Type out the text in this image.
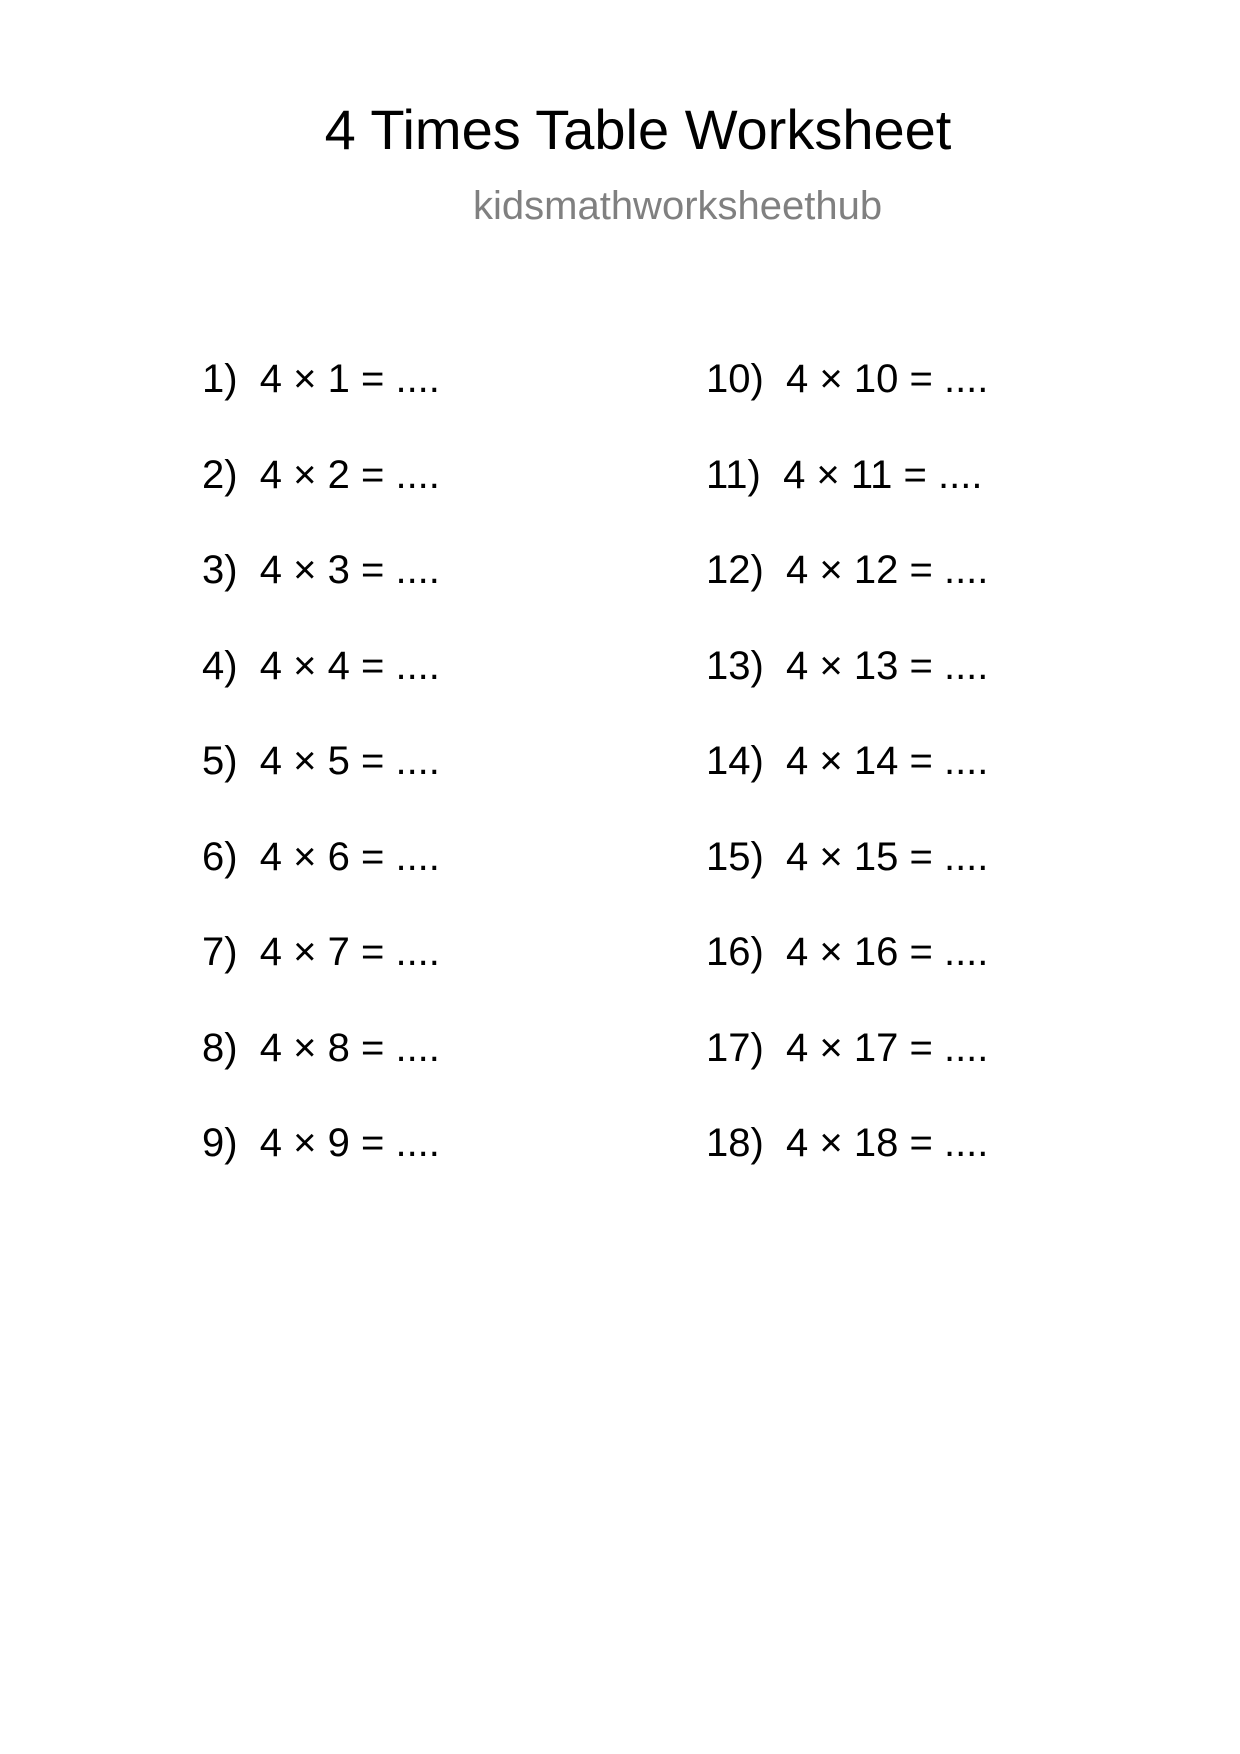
4 Times Table Worksheet
kidsmathworksheethub
1)  4 × 1 = ....
2)  4 × 2 = ....
3)  4 × 3 = ....
4)  4 × 4 = ....
5)  4 × 5 = ....
6)  4 × 6 = ....
7)  4 × 7 = ....
8)  4 × 8 = ....
9)  4 × 9 = ....
10)  4 × 10 = ....
11)  4 × 11 = ....
12)  4 × 12 = ....
13)  4 × 13 = ....
14)  4 × 14 = ....
15)  4 × 15 = ....
16)  4 × 16 = ....
17)  4 × 17 = ....
18)  4 × 18 = ....
